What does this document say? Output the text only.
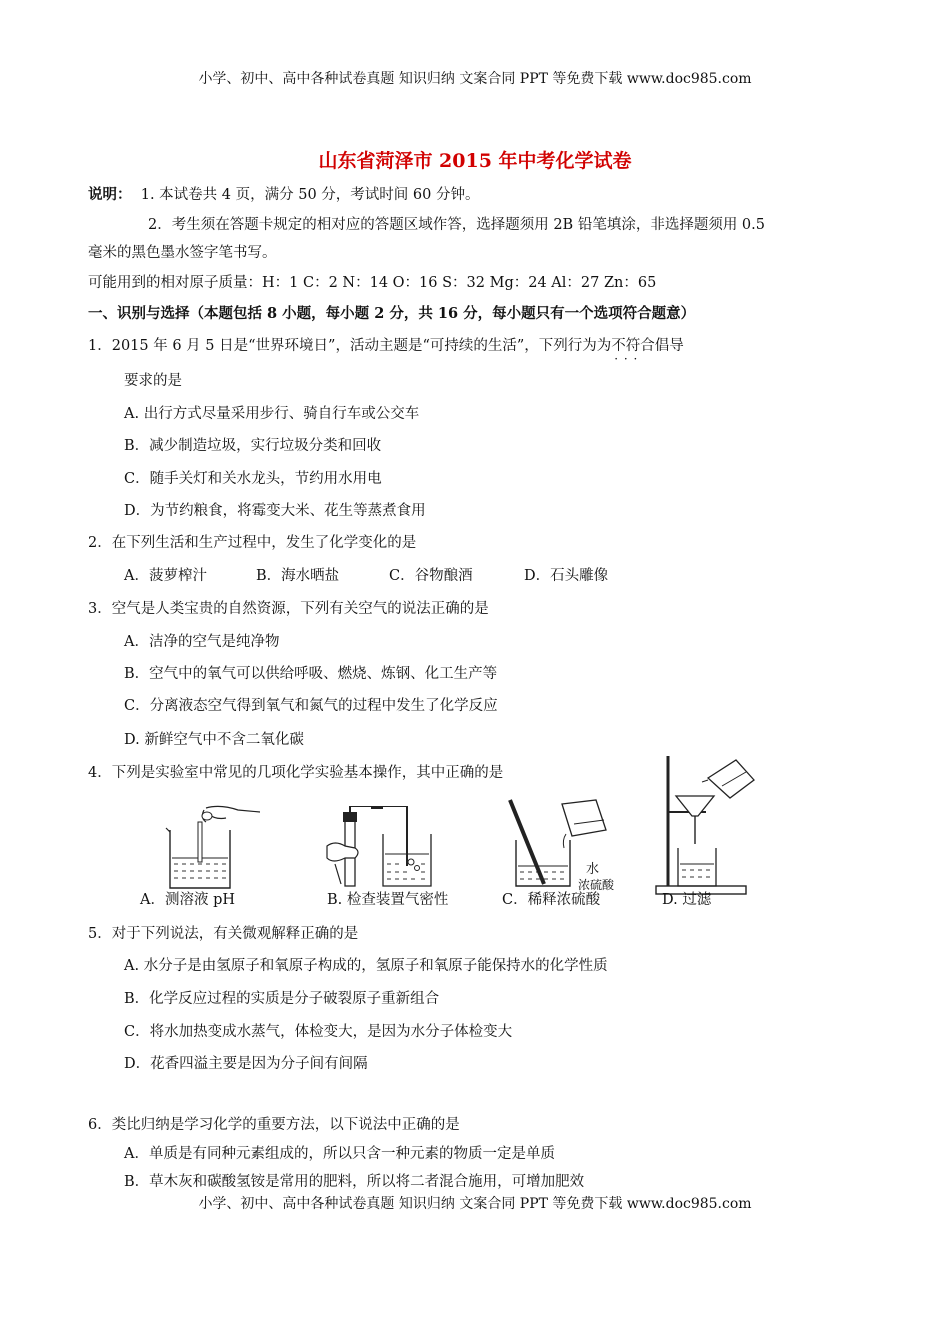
小学、初中、高中各种试卷真题 知识归纳 文案合同 PPT 等免费下载 www.doc985.com
山东省菏泽市 2015 年中考化学试卷
说明： 1. 本试卷共 4 页，满分 50 分，考试时间 60 分钟。
2．考生须在答题卡规定的相对应的答题区域作答，选择题须用 2B 铅笔填涂，非选择题须用 0.5
毫米的黑色墨水签字笔书写。
可能用到的相对原子质量：H：1 C：2 N：14 O：16 S：32 Mg：24 Al：27 Zn：65
一、识别与选择（本题包括 8 小题，每小题 2 分，共 16 分，每小题只有一个选项符合题意）
1．2015 年 6 月 5 日是“世界环境日”，活动主题是“可持续的生活”，下列行为为不符合 · · ·倡导
要求的是
A. 出行方式尽量采用步行、骑自行车或公交车
B．减少制造垃圾，实行垃圾分类和回收
C．随手关灯和关水龙头，节约用水用电
D．为节约粮食，将霉变大米、花生等蒸煮食用
2．在下列生活和生产过程中，发生了化学变化的是
A．菠萝榨汁	B．海水晒盐	C．谷物酿酒	D．石头雕像
3．空气是人类宝贵的自然资源，下列有关空气的说法正确的是
A．洁净的空气是纯净物
B．空气中的氧气可以供给呼吸、燃烧、炼钢、化工生产等
C．分离液态空气得到氧气和氮气的过程中发生了化学反应
D. 新鲜空气中不含二氧化碳
4．下列是实验室中常见的几项化学实验基本操作，其中正确的是
水
浓硫酸
A．测溶液 pH	B. 检查装置气密性	C．稀释浓硫酸	D. 过滤
5．对于下列说法，有关微观解释正确的是
A. 水分子是由氢原子和氧原子构成的，氢原子和氧原子能保持水的化学性质
B．化学反应过程的实质是分子破裂原子重新组合
C．将水加热变成水蒸气，体检变大，是因为水分子体检变大
D．花香四溢主要是因为分子间有间隔
6．类比归纳是学习化学的重要方法，以下说法中正确的是
A．单质是有同种元素组成的，所以只含一种元素的物质一定是单质
B．草木灰和碳酸氢铵是常用的肥料，所以将二者混合施用，可增加肥效
小学、初中、高中各种试卷真题 知识归纳 文案合同 PPT 等免费下载 www.doc985.com
